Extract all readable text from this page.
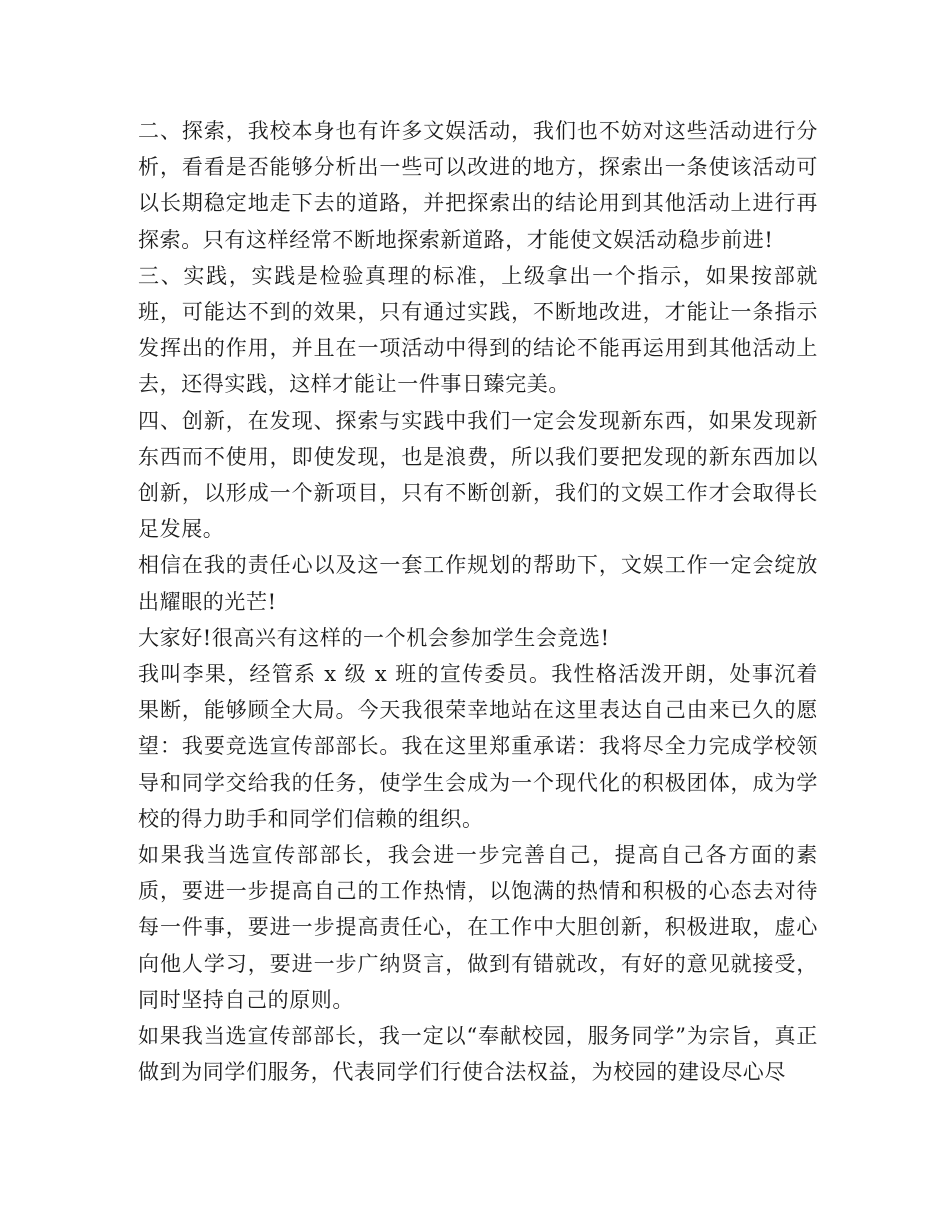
二、探索，我校本身也有许多文娱活动，我们也不妨对这些活动进行分析，看看是否能够分析出一些可以改进的地方，探索出一条使该活动可以长期稳定地走下去的道路，并把探索出的结论用到其他活动上进行再探索。只有这样经常不断地探索新道路，才能使文娱活动稳步前进!

三、实践，实践是检验真理的标准，上级拿出一个指示，如果按部就班，可能达不到的效果，只有通过实践，不断地改进，才能让一条指示发挥出的作用，并且在一项活动中得到的结论不能再运用到其他活动上去，还得实践，这样才能让一件事日臻完美。

四、创新，在发现、探索与实践中我们一定会发现新东西，如果发现新东西而不使用，即使发现，也是浪费，所以我们要把发现的新东西加以创新，以形成一个新项目，只有不断创新，我们的文娱工作才会取得长足发展。

相信在我的责任心以及这一套工作规划的帮助下，文娱工作一定会绽放出耀眼的光芒!

大家好!很高兴有这样的一个机会参加学生会竞选!

我叫李果，经管系 x 级 x 班的宣传委员。我性格活泼开朗，处事沉着果断，能够顾全大局。今天我很荣幸地站在这里表达自己由来已久的愿望：我要竞选宣传部部长。我在这里郑重承诺：我将尽全力完成学校领导和同学交给我的任务，使学生会成为一个现代化的积极团体，成为学校的得力助手和同学们信赖的组织。

如果我当选宣传部部长，我会进一步完善自己，提高自己各方面的素质，要进一步提高自己的工作热情，以饱满的热情和积极的心态去对待每一件事，要进一步提高责任心，在工作中大胆创新，积极进取，虚心向他人学习，要进一步广纳贤言，做到有错就改，有好的意见就接受，同时坚持自己的原则。

如果我当选宣传部部长，我一定以“奉献校园，服务同学”为宗旨，真正做到为同学们服务，代表同学们行使合法权益，为校园的建设尽心尽
